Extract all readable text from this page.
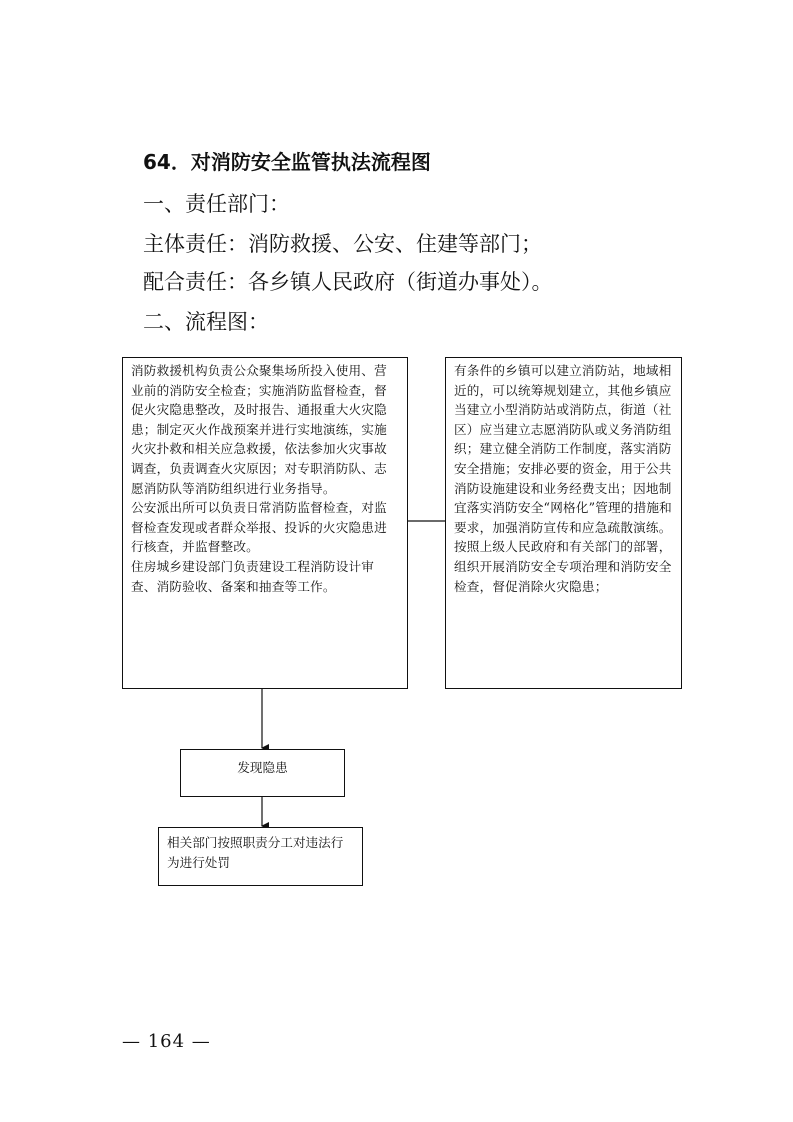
64．对消防安全监管执法流程图
一、责任部门：
主体责任：消防救援、公安、住建等部门；
配合责任：各乡镇人民政府（街道办事处）。
二、流程图：

消防救援机构负责公众聚集场所投入使用、营业前的消防安全检查；实施消防监督检查，督促火灾隐患整改，及时报告、通报重大火灾隐患；制定灭火作战预案并进行实地演练，实施火灾扑救和相关应急救援，依法参加火灾事故调查，负责调查火灾原因；对专职消防队、志愿消防队等消防组织进行业务指导。

公安派出所可以负责日常消防监督检查，对监督检查发现或者群众举报、投诉的火灾隐患进行核查，并监督整改。

住房城乡建设部门负责建设工程消防设计审查、消防验收、备案和抽查等工作。

有条件的乡镇可以建立消防站，地域相近的，可以统筹规划建立，其他乡镇应当建立小型消防站或消防点，街道（社区）应当建立志愿消防队或义务消防组织；建立健全消防工作制度，落实消防安全措施；安排必要的资金，用于公共消防设施建设和业务经费支出；因地制宜落实消防安全“网格化”管理的措施和要求，加强消防宣传和应急疏散演练。

按照上级人民政府和有关部门的部署，组织开展消防安全专项治理和消防安全检查，督促消除火灾隐患；

发现隐患
相关部门按照职责分工对违法行为进行处罚
— 164 —
